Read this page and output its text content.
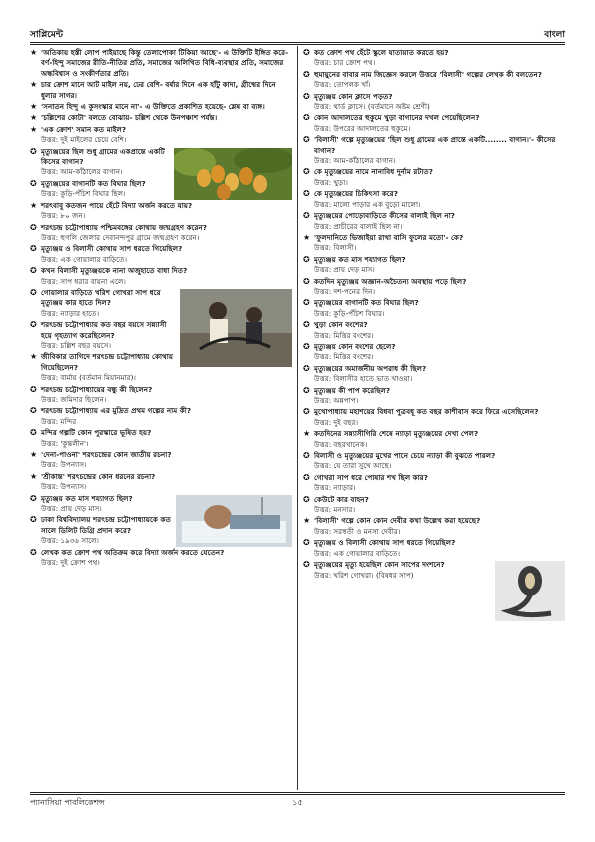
সাপ্লিমেন্ট	বাংলা
★ 'অতিকায় হস্তী লোপ পাইয়াছে কিন্তু তেলাপোকা টিকিয়া আছে'- এ উক্তিটি ইঙ্গিত করে- বর্ণ-হিন্দু সমাজের রীতি-নীতির প্রতি, সমাজের অলিখিত বিধি-ব্যবস্থার প্রতি, সমাজের অন্ধবিশ্বাস ও সংকীর্ণতার প্রতি।
★ চার ক্রোশ মানে আট মাইল নয়, ঢের বেশি- বর্ষার দিনে এক হাঁটু কাদা, গ্রীষ্মের দিনে ধুলার সাগর।
★ 'সনাতন হিন্দু এ কুসংস্কার মানে না'- এ উক্তিতে প্রকাশিত হয়েছে- শ্লেষ বা ব্যঙ্গ।
★ 'চল্লিশের কোটা' বলতে বোঝায়- চল্লিশ থেকে উনপঞ্চাশ পর্যন্ত।
★ 'এক ক্রোশ' সমান কত মাইল?
উত্তর: দুই মাইলের চেয়ে বেশি।
✪ মৃত্যুঞ্জয়ের ছিল শুধু গ্রামের একপ্রান্তে একটি কিসের বাগান?
উত্তর: আম-কাঁঠালের বাগান।
✪ মৃত্যুঞ্জয়ের বাগানটি কত বিঘার ছিল?
উত্তর: কুড়ি-পঁচিশ বিঘার ছিল।
★ শরৎবাবু কতজন পায়ে হেঁটে বিদ্যা অর্জন করতে যায়?
উত্তর: ৮০ জন।
✪ শরৎচন্দ্র চট্টোপাধ্যায় পশ্চিমবঙ্গের কোথায় জন্মগ্রহণ করেন?
উত্তর: হুগলি জেলার দেবানন্দপুর গ্রামে জন্মগ্রহণ করেন।
✪ মৃত্যুঞ্জয় ও বিলাসী কোথায় সাপ ধরতে গিয়েছিল?
উত্তর: এক গোয়ালার বাড়িতে।
✪ কখন বিলাসী মৃত্যুঞ্জয়কে নানা অজুহাতে বাধা দিত?
উত্তর: সাপ ধরার বায়না এলে।
✪ গোয়ালার বাড়িতে খরিশ গোখরা সাপ ধরে মৃত্যুঞ্জয় কার হাতে দিল?
উত্তর: ন্যাড়ার হাতে।
✪ শরৎচন্দ্র চট্টোপাধ্যায় কত বছর বয়সে সন্ন্যাসী হয়ে গৃহত্যাগ করেছিলেন?
উত্তর: চল্লিশ বছর বয়সে।
★ জীবিকার তাগিদে শরৎচন্দ্র চট্টোপাধ্যায় কোথায় গিয়েছিলেন?
উত্তর: বার্মায় (বর্তমান মিয়ানমার)।
✪ শরৎচন্দ্র চট্টোপাধ্যায়ের বন্ধু কী ছিলেন?
উত্তর: জমিদার ছিলেন।
✪ শরৎচন্দ্র চট্টোপাধ্যায় এর মুদ্রিত প্রথম গল্পের নাম কী?
উত্তর: মন্দির
✪ মন্দির গল্পটি কোন পুরস্কারে ভূষিত হয়?
উত্তর: 'কুন্তলীন'।
★ 'দেনা-পাওনা' শরৎচন্দ্রের কোন জাতীয় রচনা?
উত্তর: উপন্যাস।
★ 'শ্রীকান্ত' শরৎচন্দ্রের কোন ধরনের রচনা?
উত্তর: উপন্যাস।
✪ মৃত্যুঞ্জয় কত মাস শয্যাগত ছিল?
উত্তর: প্রায় দেড় মাস।
✪ ঢাকা বিশ্ববিদ্যালয় শরৎচন্দ্র চট্টোপাধ্যায়কে কত সালে ডিলিট ডিগ্রি প্রদান করে?
উত্তর: ১৯৩৬ সালে।
✪ লেখক কত ক্রোশ পথ অতিক্রম করে বিদ্যা অর্জন করতে যেতেন?
উত্তর: দুই ক্রোশ পথ।
✪ কত ক্রোশ পথ হেঁটে স্কুলে যাতায়াত করতে হয়?
উত্তর: চার ক্রোশ পথ।
✪ হুমায়ুনের বাবার নাম জিজ্ঞেস করলে উত্তরে 'বিলাসী' গল্পের লেখক কী বলতেন?
উত্তর: তোপলক খাঁ।
✪ মৃত্যুঞ্জয় কোন ক্লাসে পড়ত?
উত্তর: থার্ড ক্লাসে। (বর্তমানে অষ্টম শ্রেণী)
✪ কোন আদালতের হুকুমে খুড়া বাগানের দখল পেয়েছিলেন?
উত্তর: উপরের আদালতের হুকুমে।
✪ 'বিলাসী' গল্পে মৃত্যুঞ্জয়ের 'ছিল শুধু গ্রামের এক প্রান্তে একটি........ বাগান।'- কীসের বাগান?
উত্তর: আম-কাঁঠালের বাগান।
✪ কে মৃত্যুঞ্জয়ের নামে নানাবিধ দুর্নাম রটাত?
উত্তর: খুড়া।
✪ কে মৃত্যুঞ্জয়ের চিকিৎসা করে?
উত্তর: মালো পাড়ার এক বুড়ো মালো।
✪ মৃত্যুঞ্জয়ের পোড়োবাড়িতে কীসের বালাই ছিল না?
উত্তর: প্রাচীরের বালাই ছিল না।
★ 'ফুলদানিতে ভিজাইয়া রাখা বাসি ফুলের মতো'- কে?
উত্তর: বিলাসী।
✪ মৃত্যুঞ্জয় কত মাস শয্যাগত ছিল?
উত্তর: প্রায় দেড় মাস।
✪ কতদিন মৃত্যুঞ্জয় অজ্ঞান-অচৈতন্য অবস্থায় পড়ে ছিল?
উত্তর: দশ-পনের দিন।
✪ মৃত্যুঞ্জয়ের বাগানটি কত বিঘার ছিল?
উত্তর: কুড়ি-পঁচিশ বিঘার।
✪ খুড়া কোন বংশের?
উত্তর: মিত্তির বংশের।
✪ মৃত্যুঞ্জয় কোন বংশের ছেলে?
উত্তর: মিত্তির বংশের।
✪ মৃত্যুঞ্জয়ের অমার্জনীয় অপরাধ কী ছিল?
উত্তর: বিলাসীর হাতে ভাত খাওয়া।
✪ মৃত্যুঞ্জয় কী পাপ করেছিল?
উত্তর: অন্নপাপ।
✪ মুখোপাধ্যায় মহাশয়ের বিধবা পুত্রবধূ কত বছর কাশীবাস করে ফিরে এসেছিলেন?
উত্তর: দুই বছর।
★ কতদিনের সন্ন্যাসীগিরি শেষে ন্যাড়া মৃত্যুঞ্জয়ের দেখা পেল?
উত্তর: বছরখানেক।
✪ বিলাসী ও মৃত্যুঞ্জয়ের মুখের পানে চেয়ে ন্যাড়া কী বুঝতে পারল?
উত্তর: যে তারা সুখে আছে।
✪ গোখরা সাপ ধরে পোষার শখ ছিল কার?
উত্তর: ন্যাড়ার।
✪ কেউটে কার বাহন?
উত্তর: মনসার।
★ 'বিলাসী' গল্পে কোন কোন দেবীর কথা উল্লেখ করা হয়েছে?
উত্তর: সরস্বতী ও মনসা দেবীর।
✪ মৃত্যুঞ্জয় ও বিলাসী কোথায় সাপ ধরতে গিয়েছিল?
উত্তর: এক গোয়ালার বাড়িতে।
✪ মৃত্যুঞ্জয়ের মৃত্যু হয়েছিল কোন সাপের দংশনে?
উত্তর: খরিশ গোখরা। (বিষধর সাপ)
প্যানাসিয়া পাবলিকেশন্স	১৫
